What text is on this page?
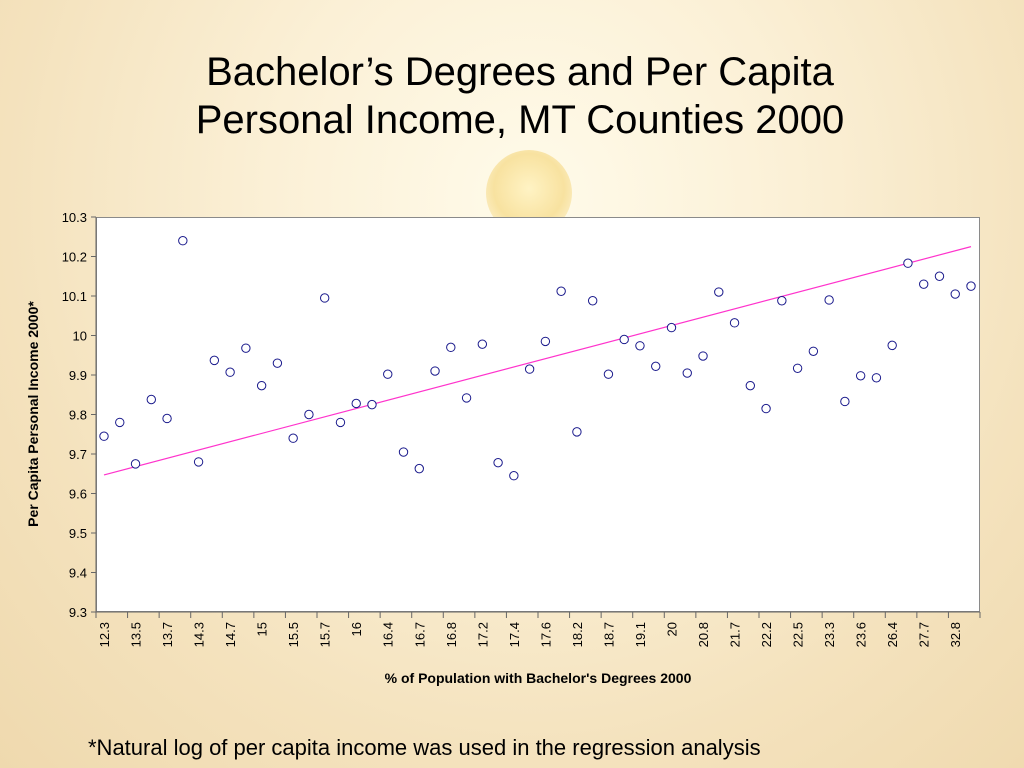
Bachelor’s Degrees and Per Capita
Personal Income, MT Counties 2000
9.3
9.4
9.5
9.6
9.7
9.8
9.9
10
10.1
10.2
10.3
12.3 13.5 13.7 14.3 14.7 15 15.5 15.7 16 16.4 16.7 16.8 17.2 17.4 17.6 18.2 18.7 19.1 20 20.8 21.7 22.2 22.5 23.3 23.6 26.4 27.7 32.8
Per Capita Personal Income 2000*
% of Population with Bachelor's Degrees 2000
*Natural log of per capita income was used in the regression analysis
